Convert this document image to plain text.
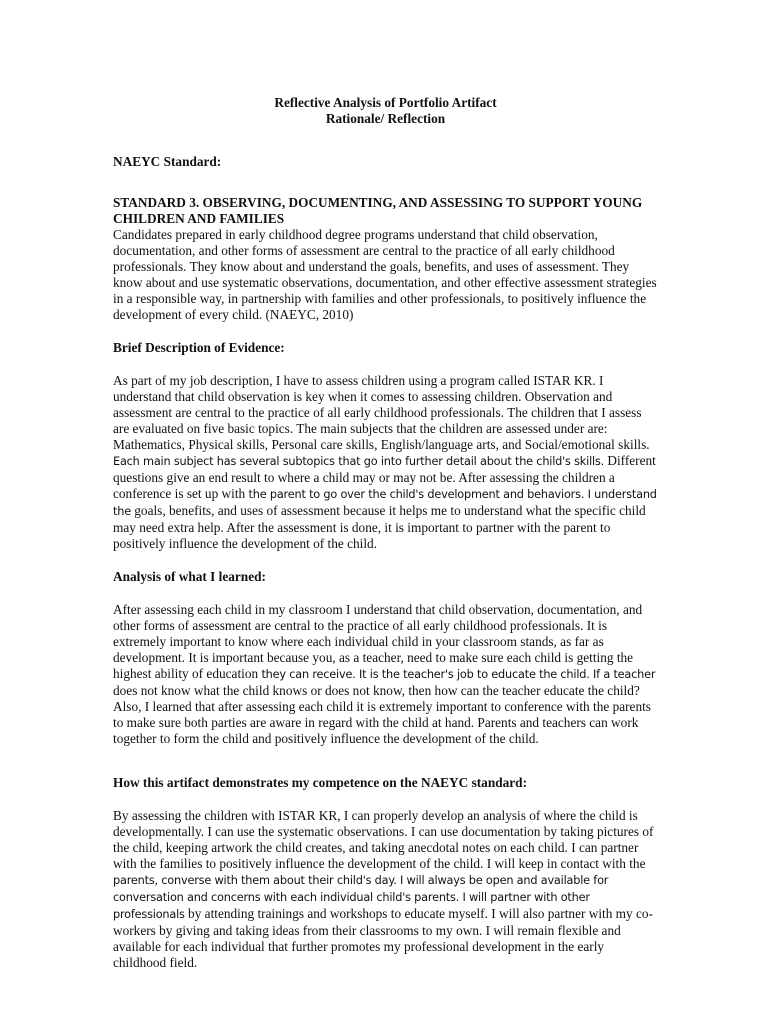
Reflective Analysis of Portfolio Artifact

Rationale/ Reflection

NAEYC Standard:

STANDARD 3. OBSERVING, DOCUMENTING, AND ASSESSING TO SUPPORT YOUNG CHILDREN AND FAMILIES

Candidates prepared in early childhood degree programs understand that child observation, documentation, and other forms of assessment are central to the practice of all early childhood professionals. They know about and understand the goals, benefits, and uses of assessment. They know about and use systematic observations, documentation, and other effective assessment strategies in a responsible way, in partnership with families and other professionals, to positively influence the development of every child. (NAEYC, 2010)

Brief Description of Evidence:

As part of my job description, I have to assess children using a program called ISTAR KR. I understand that child observation is key when it comes to assessing children. Observation and assessment are central to the practice of all early childhood professionals. The children that I assess are evaluated on five basic topics. The main subjects that the children are assessed under are: Mathematics, Physical skills, Personal care skills, English/language arts, and Social/emotional skills. Each main subject has several subtopics that go into further detail about the child's skills. Different questions give an end result to where a child may or may not be. After assessing the children a conference is set up with the parent to go over the child's development and behaviors. I understand the goals, benefits, and uses of assessment because it helps me to understand what the specific child may need extra help. After the assessment is done, it is important to partner with the parent to positively influence the development of the child.

Analysis of what I learned:

After assessing each child in my classroom I understand that child observation, documentation, and other forms of assessment are central to the practice of all early childhood professionals. It is extremely important to know where each individual child in your classroom stands, as far as development. It is important because you, as a teacher, need to make sure each child is getting the highest ability of education they can receive. It is the teacher's job to educate the child. If a teacher does not know what the child knows or does not know, then how can the teacher educate the child? Also, I learned that after assessing each child it is extremely important to conference with the parents to make sure both parties are aware in regard with the child at hand. Parents and teachers can work together to form the child and positively influence the development of the child.

How this artifact demonstrates my competence on the NAEYC standard:

By assessing the children with ISTAR KR, I can properly develop an analysis of where the child is developmentally. I can use the systematic observations. I can use documentation by taking pictures of the child, keeping artwork the child creates, and taking anecdotal notes on each child. I can partner with the families to positively influence the development of the child. I will keep in contact with the parents, converse with them about their child's day. I will always be open and available for conversation and concerns with each individual child's parents. I will partner with other professionals by attending trainings and workshops to educate myself. I will also partner with my co-workers by giving and taking ideas from their classrooms to my own. I will remain flexible and available for each individual that further promotes my professional development in the early childhood field.
